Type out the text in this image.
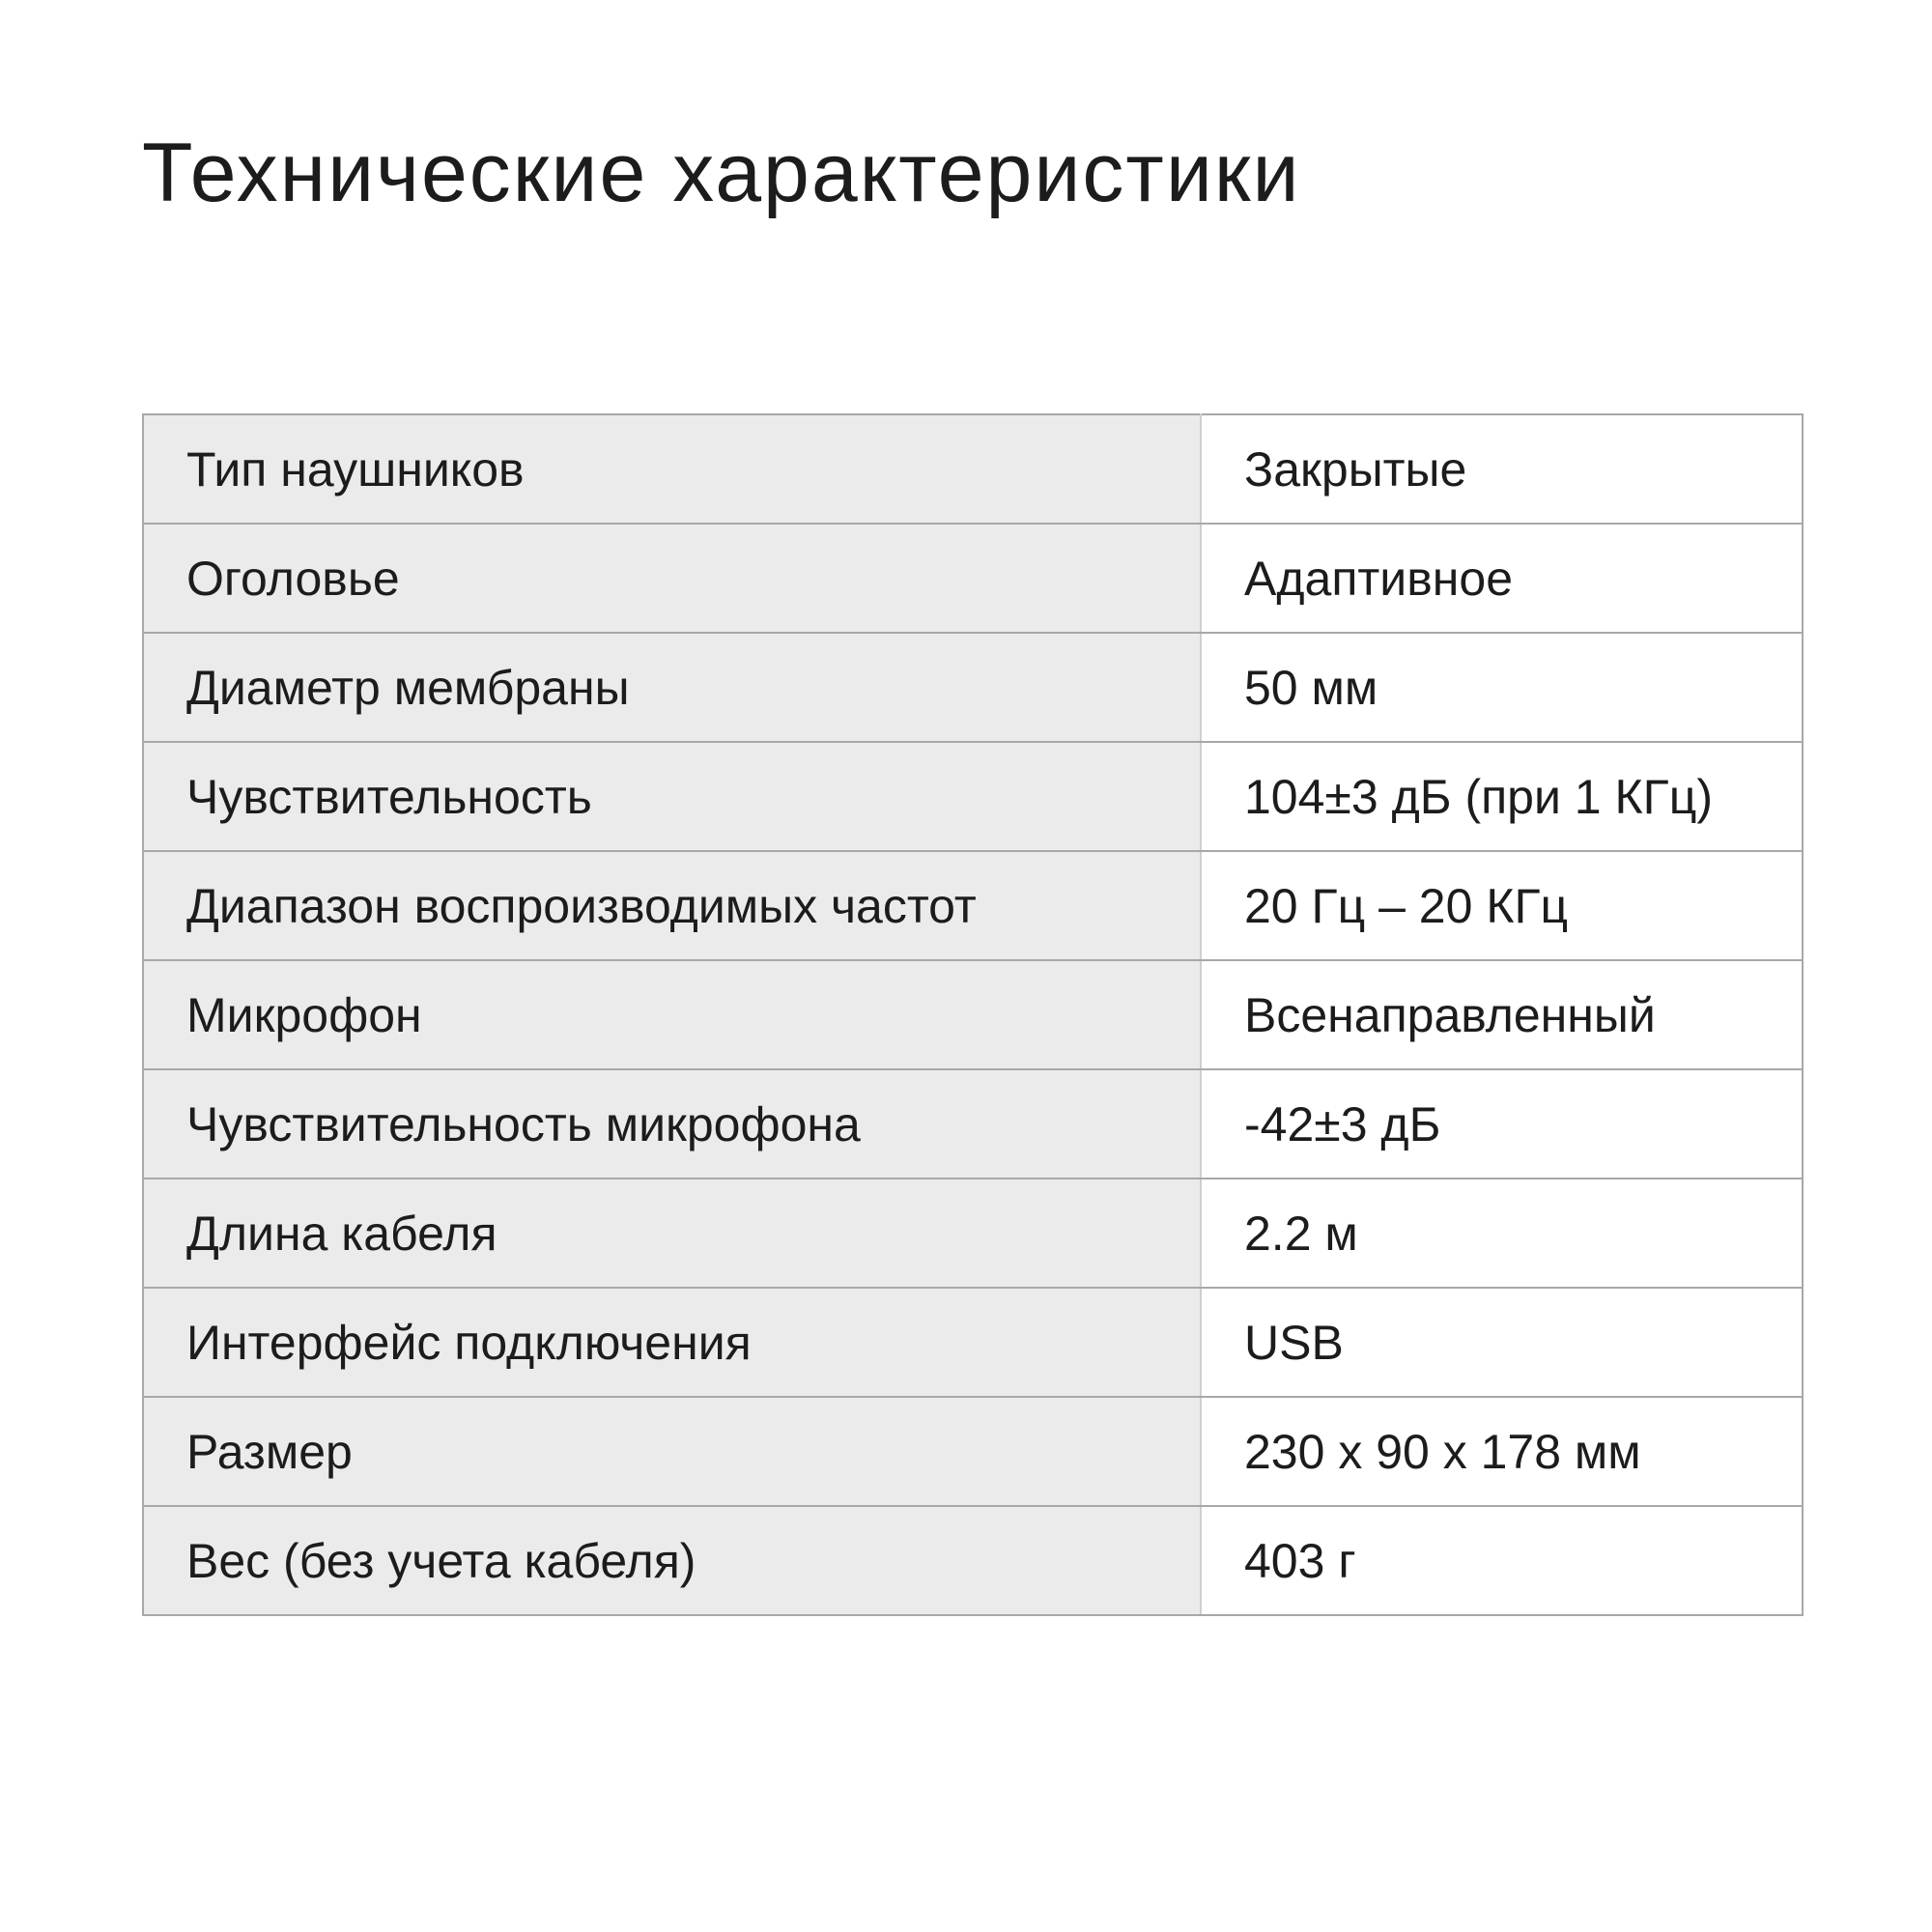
Технические характеристики
Тип наушников	Закрытые
Оголовье	Адаптивное
Диаметр мембраны	50 мм
Чувствительность	104±3 дБ (при 1 КГц)
Диапазон воспроизводимых частот	20 Гц – 20 КГц
Микрофон	Всенаправленный
Чувствительность микрофона	-42±3 дБ
Длина кабеля	2.2 м
Интерфейс подключения	USB
Размер	230 x 90 x 178 мм
Вес (без учета кабеля)	403 г
